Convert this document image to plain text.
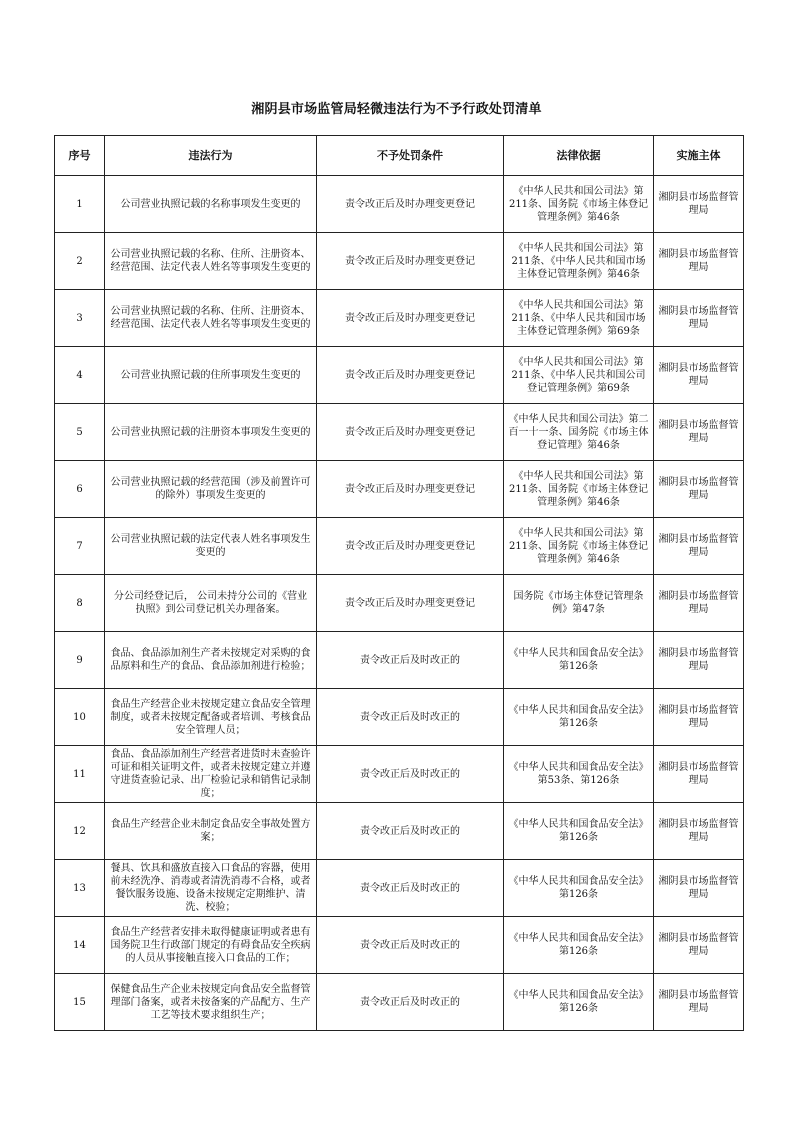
湘阴县市场监管局轻微违法行为不予行政处罚清单
序号	违法行为	不予处罚条件	法律依据	实施主体
1	公司营业执照记载的名称事项发生变更的	责令改正后及时办理变更登记	《中华人民共和国公司法》第211条、国务院《市场主体登记管理条例》第46条	湘阴县市场监督管理局
2	公司营业执照记载的名称、住所、注册资本、经营范围、法定代表人姓名等事项发生变更的	责令改正后及时办理变更登记	《中华人民共和国公司法》第211条、《中华人民共和国市场主体登记管理条例》第46条	湘阴县市场监督管理局
3	公司营业执照记载的名称、住所、注册资本、经营范围、法定代表人姓名等事项发生变更的	责令改正后及时办理变更登记	《中华人民共和国公司法》第211条、《中华人民共和国市场主体登记管理条例》第69条	湘阴县市场监督管理局
4	公司营业执照记载的住所事项发生变更的	责令改正后及时办理变更登记	《中华人民共和国公司法》第211条、《中华人民共和国公司登记管理条例》第69条	湘阴县市场监督管理局
5	公司营业执照记载的注册资本事项发生变更的	责令改正后及时办理变更登记	《中华人民共和国公司法》第二百一十一条、国务院《市场主体登记管理》第46条	湘阴县市场监督管理局
6	公司营业执照记载的经营范围（涉及前置许可的除外）事项发生变更的	责令改正后及时办理变更登记	《中华人民共和国公司法》第211条、国务院《市场主体登记管理条例》第46条	湘阴县市场监督管理局
7	公司营业执照记载的法定代表人姓名事项发生变更的	责令改正后及时办理变更登记	《中华人民共和国公司法》第211条、国务院《市场主体登记管理条例》第46条	湘阴县市场监督管理局
8	分公司经登记后， 公司未持分公司的《营业执照》到公司登记机关办理备案。	责令改正后及时办理变更登记	国务院《市场主体登记管理条例》第47条	湘阴县市场监督管理局
9	食品、食品添加剂生产者未按规定对采购的食品原料和生产的食品、食品添加剂进行检验；	责令改正后及时改正的	《中华人民共和国食品安全法》第126条	湘阴县市场监督管理局
10	食品生产经营企业未按规定建立食品安全管理制度，或者未按规定配备或者培训、考核食品安全管理人员；	责令改正后及时改正的	《中华人民共和国食品安全法》第126条	湘阴县市场监督管理局
11	食品、食品添加剂生产经营者进货时未查验许可证和相关证明文件，或者未按规定建立并遵守进货查验记录、出厂检验记录和销售记录制度；	责令改正后及时改正的	《中华人民共和国食品安全法》第53条、第126条	湘阴县市场监督管理局
12	食品生产经营企业未制定食品安全事故处置方案；	责令改正后及时改正的	《中华人民共和国食品安全法》第126条	湘阴县市场监督管理局
13	餐具、饮具和盛放直接入口食品的容器，使用前未经洗净、消毒或者清洗消毒不合格，或者餐饮服务设施、设备未按规定定期维护、清洗、校验；	责令改正后及时改正的	《中华人民共和国食品安全法》第126条	湘阴县市场监督管理局
14	食品生产经营者安排未取得健康证明或者患有国务院卫生行政部门规定的有碍食品安全疾病的人员从事接触直接入口食品的工作；	责令改正后及时改正的	《中华人民共和国食品安全法》第126条	湘阴县市场监督管理局
15	保健食品生产企业未按规定向食品安全监督管理部门备案，或者未按备案的产品配方、生产工艺等技术要求组织生产；	责令改正后及时改正的	《中华人民共和国食品安全法》第126条	湘阴县市场监督管理局
